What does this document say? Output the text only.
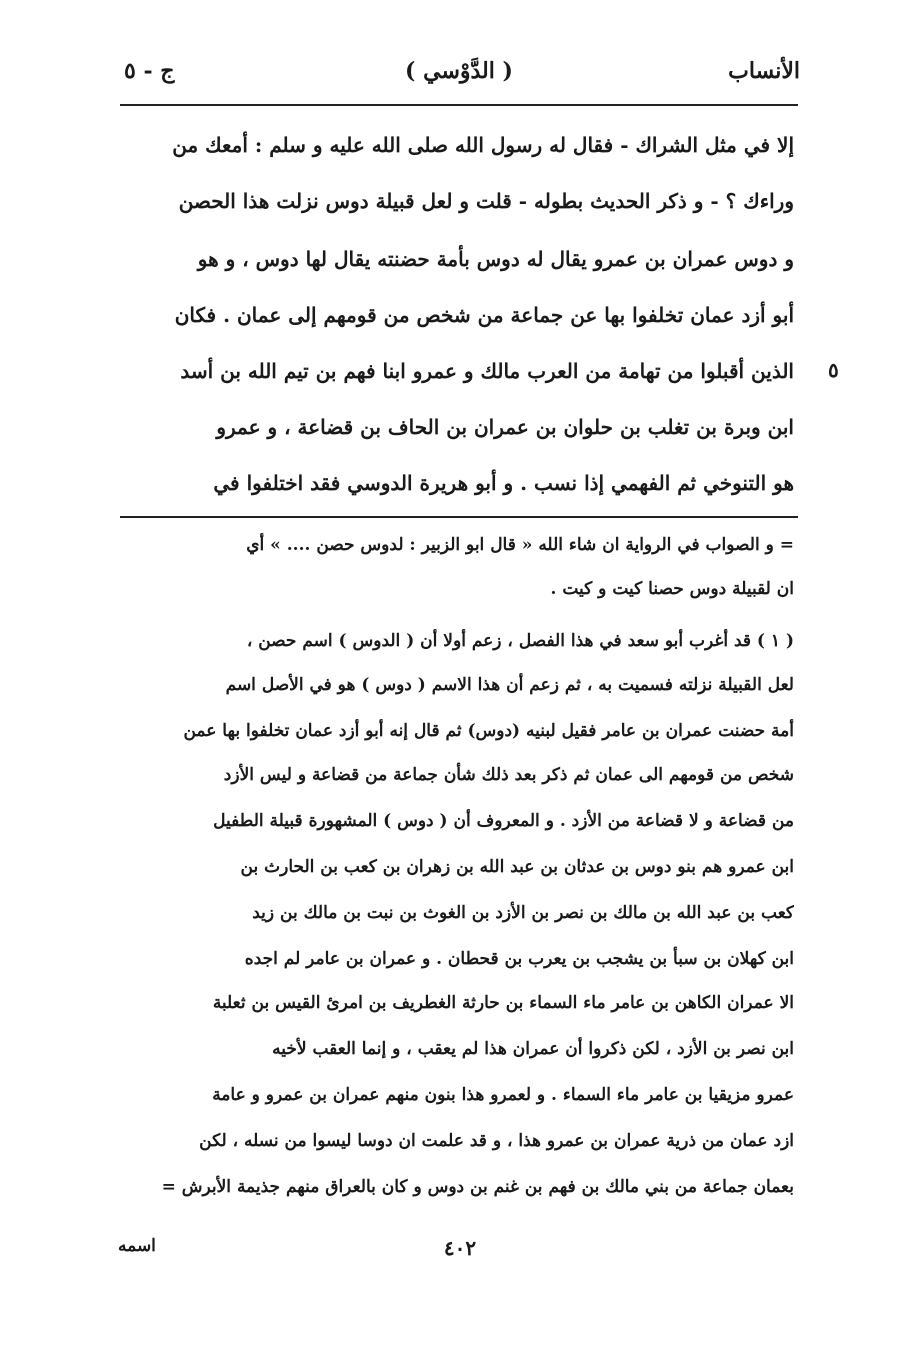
الأنساب
( الدَّوْسي )
ج - ٥
إلا في مثل الشراك - فقال له رسول الله صلى الله عليه و سلم : أمعك من
وراءك ؟ - و ذكر الحديث بطوله - قلت و لعل قبيلة دوس نزلت هذا الحصن
و دوس عمران بن عمرو يقال له دوس بأمة حضنته يقال لها دوس ، و هو
أبو أزد عمان تخلفوا بها عن جماعة من شخص من قومهم إلى عمان . فكان
الذين أقبلوا من تهامة من العرب مالك و عمرو ابنا فهم بن تيم الله بن أسد
ابن وبرة بن تغلب بن حلوان بن عمران بن الحاف بن قضاعة ، و عمرو
هو التنوخي ثم الفهمي إذا نسب . و أبو هريرة الدوسي فقد اختلفوا في
٥
= و الصواب في الرواية ان شاء الله « قال ابو الزبير : لدوس حصن .... » أي
ان لقبيلة دوس حصنا كيت و كيت .
( ١ ) قد أغرب أبو سعد في هذا الفصل ، زعم أولا أن ( الدوس ) اسم حصن ،
لعل القبيلة نزلته فسميت به ، ثم زعم أن هذا الاسم ( دوس ) هو في الأصل اسم
أمة حضنت عمران بن عامر فقيل لبنيه (دوس) ثم قال إنه أبو أزد عمان تخلفوا بها عمن
شخص من قومهم الى عمان ثم ذكر بعد ذلك شأن جماعة من قضاعة و ليس الأزد
من قضاعة و لا قضاعة من الأزد . و المعروف أن ( دوس ) المشهورة قبيلة الطفيل
ابن عمرو هم بنو دوس بن عدثان بن عبد الله بن زهران بن كعب بن الحارث بن
كعب بن عبد الله بن مالك بن نصر بن الأزد بن الغوث بن نبت بن مالك بن زيد
ابن كهلان بن سبأ بن يشجب بن يعرب بن قحطان . و عمران بن عامر لم اجده
الا عمران الكاهن بن عامر ماء السماء بن حارثة الغطريف بن امرئ القيس بن ثعلبة
ابن نصر بن الأزد ، لكن ذكروا أن عمران هذا لم يعقب ، و إنما العقب لأخيه
عمرو مزيقيا بن عامر ماء السماء . و لعمرو هذا بنون منهم عمران بن عمرو و عامة
ازد عمان من ذرية عمران بن عمرو هذا ، و قد علمت ان دوسا ليسوا من نسله ، لكن
بعمان جماعة من بني مالك بن فهم بن غنم بن دوس و كان بالعراق منهم جذيمة الأبرش =
اسمه	٤٠٢
